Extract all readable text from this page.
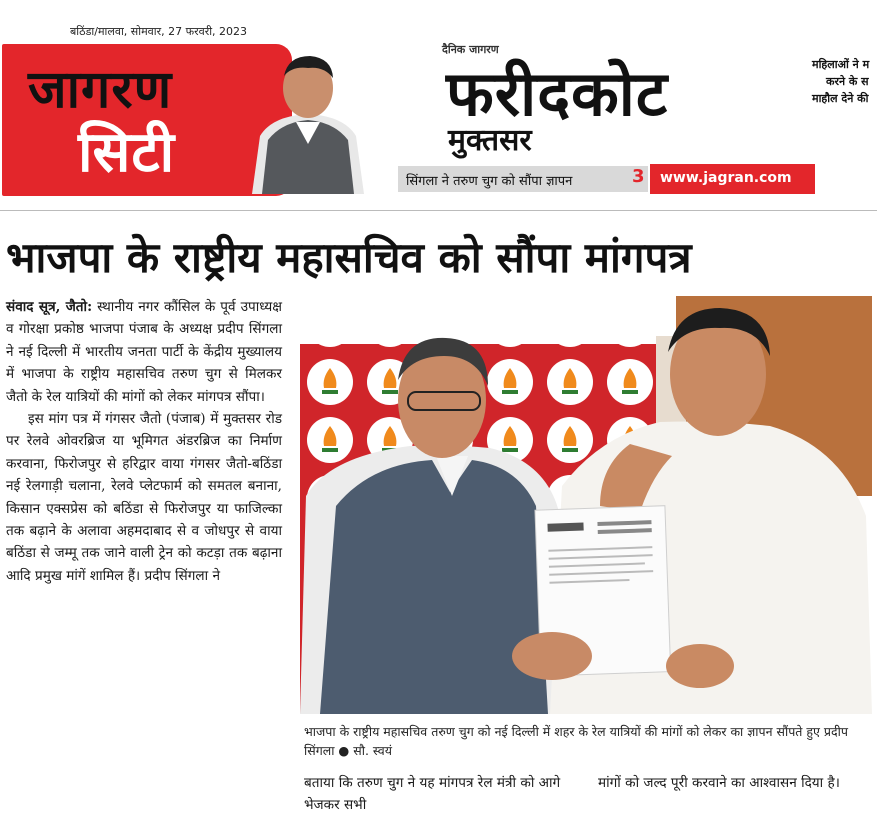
बठिंडा/मालवा, सोमवार, 27 फरवरी, 2023
जागरण
सिटी
दैनिक जागरण
फरीदकोट
मुक्तसर
महिलाओं ने म
करने के स
माहौल देने की
सिंगला ने तरुण चुग को सौंपा ज्ञापन	3 www.jagran.com
भाजपा के राष्ट्रीय महासचिव को सौंपा मांगपत्र

संवाद सूत्र, जैतो: स्थानीय नगर कौंसिल के पूर्व उपाध्यक्ष व गोरक्षा प्रकोष्ठ भाजपा पंजाब के अध्यक्ष प्रदीप सिंगला ने नई दिल्ली में भारतीय जनता पार्टी के केंद्रीय मुख्यालय में भाजपा के राष्ट्रीय महासचिव तरुण चुग से मिलकर जैतो के रेल यात्रियों की मांगों को लेकर मांगपत्र सौंपा।

इस मांग पत्र में गंगसर जैतो (पंजाब) में मुक्तसर रोड पर रेलवे ओवरब्रिज या भूमिगत अंडरब्रिज का निर्माण करवाना, फिरोजपुर से हरिद्वार वाया गंगसर जैतो-बठिंडा नई रेलगाड़ी चलाना, रेलवे प्लेटफार्म को समतल बनाना, किसान एक्सप्रेस को बठिंडा से फिरोजपुर या फाजिल्का तक बढ़ाने के अलावा अहमदाबाद से व जोधपुर से वाया बठिंडा से जम्मू तक जाने वाली ट्रेन को कटड़ा तक बढ़ाना आदि प्रमुख मांगें शामिल हैं। प्रदीप सिंगला ने

भाजपा के राष्ट्रीय महासचिव तरुण चुग को नई दिल्ली में शहर के रेल यात्रियों की मांगों को लेकर का ज्ञापन सौंपते हुए प्रदीप सिंगला ● सौ. स्वयं
बताया कि तरुण चुग ने यह मांगपत्र रेल मंत्री को आगे भेजकर सभी
मांगों को जल्द पूरी करवाने का आश्वासन दिया है।
